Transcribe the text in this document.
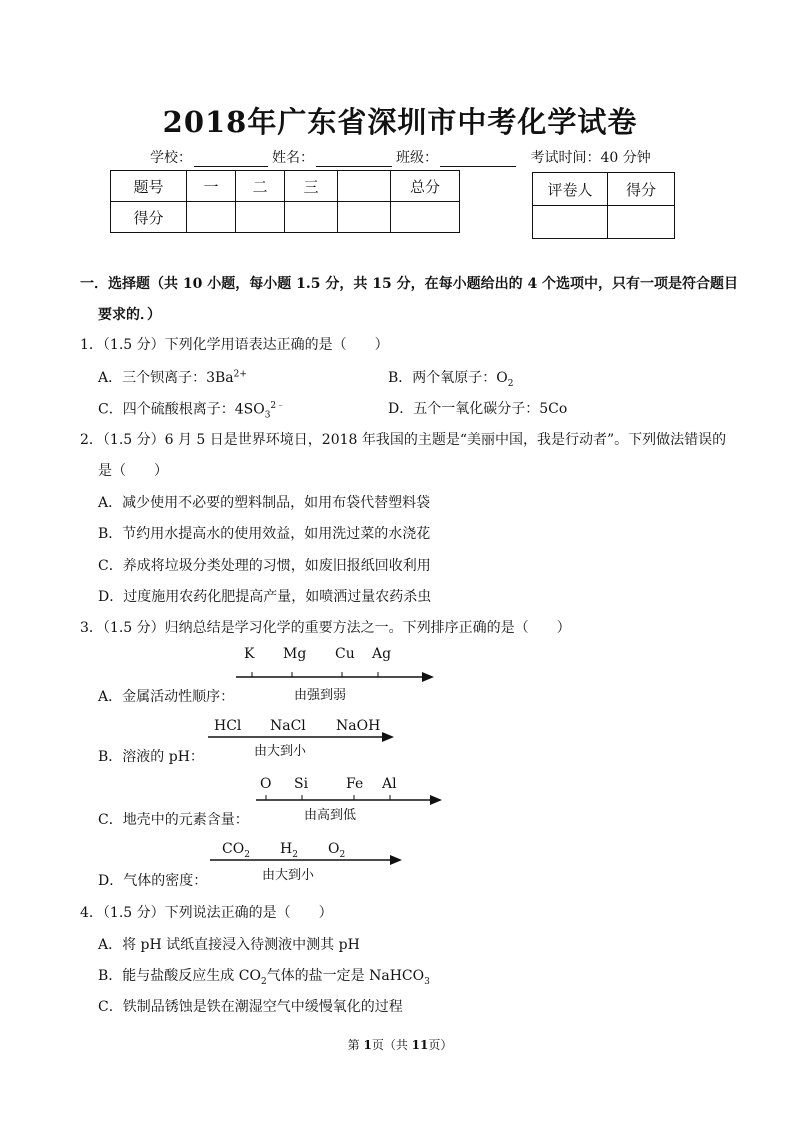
2018年广东省深圳市中考化学试卷
学校：	姓名：	班级：	考试时间：40 分钟
题号	一	二	三		总分
得分					
评卷人	得分

一．选择题（共 10 小题，每小题 1.5 分，共 15 分，在每小题给出的 4 个选项中，只有一项是符合题目
要求的．）
1．（1.5 分）下列化学用语表达正确的是（　　）
A．三个钡离子：$3Ba^{2+}$	B．两个氧原子：$O_2$
C．四个硫酸根离子：$4SO_3^{2﹣}$	D．五个一氧化碳分子：5Co
2．（1.5 分）6 月 5 日是世界环境日，2018 年我国的主题是“美丽中国，我是行动者”。下列做法错误的
是（　　）
A．减少使用不必要的塑料制品，如用布袋代替塑料袋
B．节约用水提高水的使用效益，如用洗过菜的水浇花
C．养成将垃圾分类处理的习惯，如废旧报纸回收利用
D．过度施用农药化肥提高产量，如喷洒过量农药杀虫
3．（1.5 分）归纳总结是学习化学的重要方法之一。下列排序正确的是（　　）
A．金属活动性顺序：
K Mg Cu Ag
由强到弱
B．溶液的 pH：
HCl NaCl NaOH
由大到小
C．地壳中的元素含量：
O Si	Fe Al
由高到低
D．气体的密度：
$CO_2$ $H_2$ $O_2$
由大到小
4．（1.5 分）下列说法正确的是（　　）
A．将 pH 试纸直接浸入待测液中测其 pH
B．能与盐酸反应生成 $CO_2$气体的盐一定是 NaHCO$_3$
C．铁制品锈蚀是铁在潮湿空气中缓慢氧化的过程
第 1页（共 11页）
